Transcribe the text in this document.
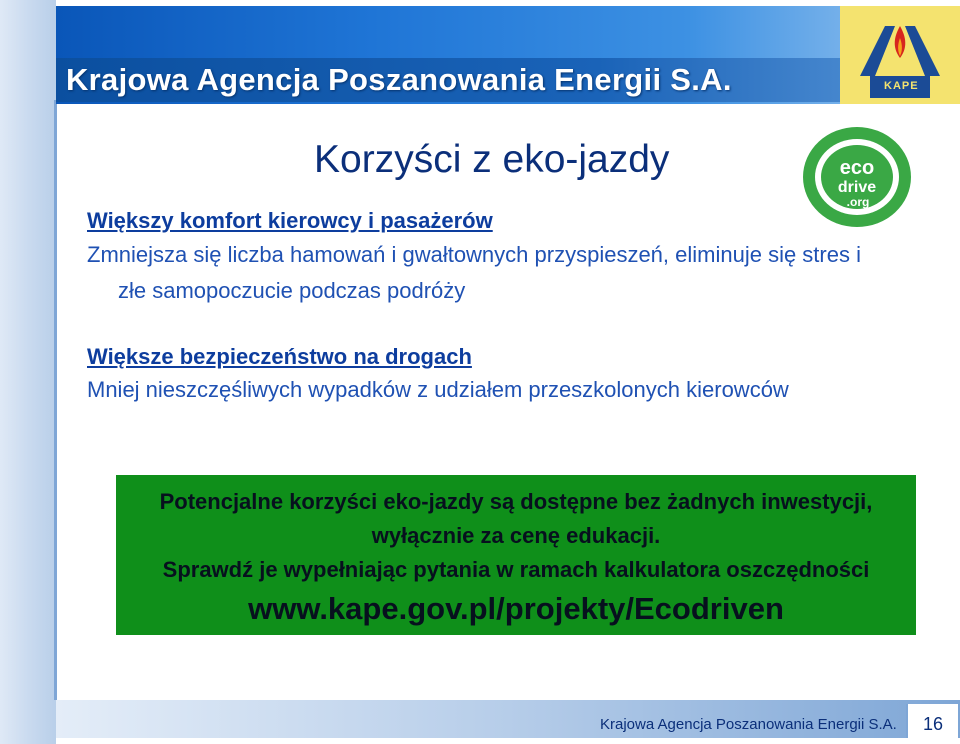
Krajowa Agencja Poszanowania Energii S.A.	KAPE
eco
drive
.org
Korzyści z eko-jazdy
Większy komfort kierowcy i pasażerów
Zmniejsza się liczba hamowań i gwałtownych przyspieszeń, eliminuje się stres i
złe samopoczucie podczas podróży
Większe bezpieczeństwo na drogach
Mniej nieszczęśliwych wypadków z udziałem przeszkolonych kierowców
Potencjalne korzyści eko-jazdy są dostępne bez żadnych inwestycji,
wyłącznie za cenę edukacji.
Sprawdź je wypełniając pytania w ramach kalkulatora oszczędności
www.kape.gov.pl/projekty/Ecodriven
Krajowa Agencja Poszanowania Energii S.A.	16
